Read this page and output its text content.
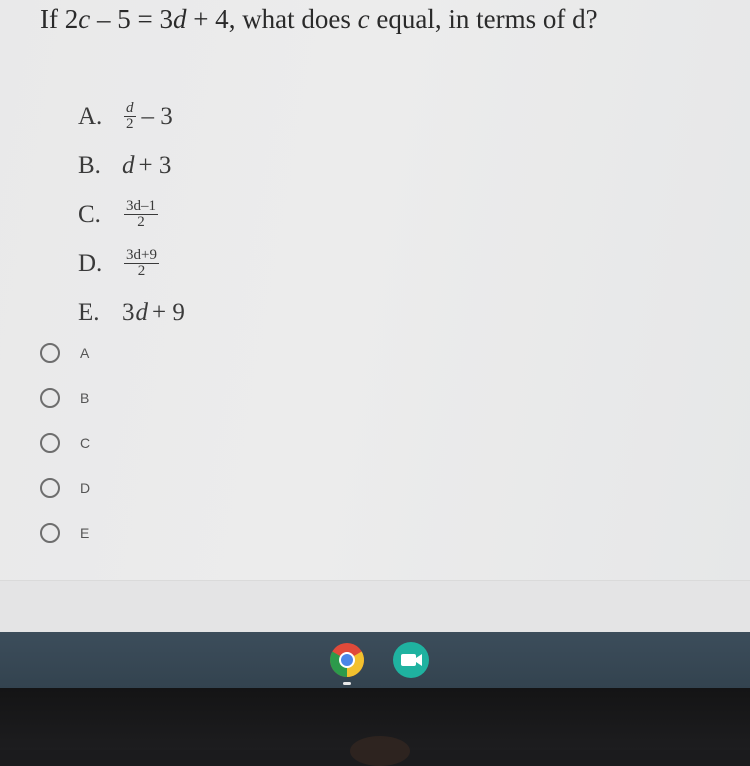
If 2c – 5 = 3d + 4, what does c equal, in terms of d?
A.	$\frac{d}{2} - 3$
B. d + 3
C.	$\frac{3d-1}{2}$
D.	$\frac{3d+9}{2}$
E. 3 d + 9
A
B
C
D
E
